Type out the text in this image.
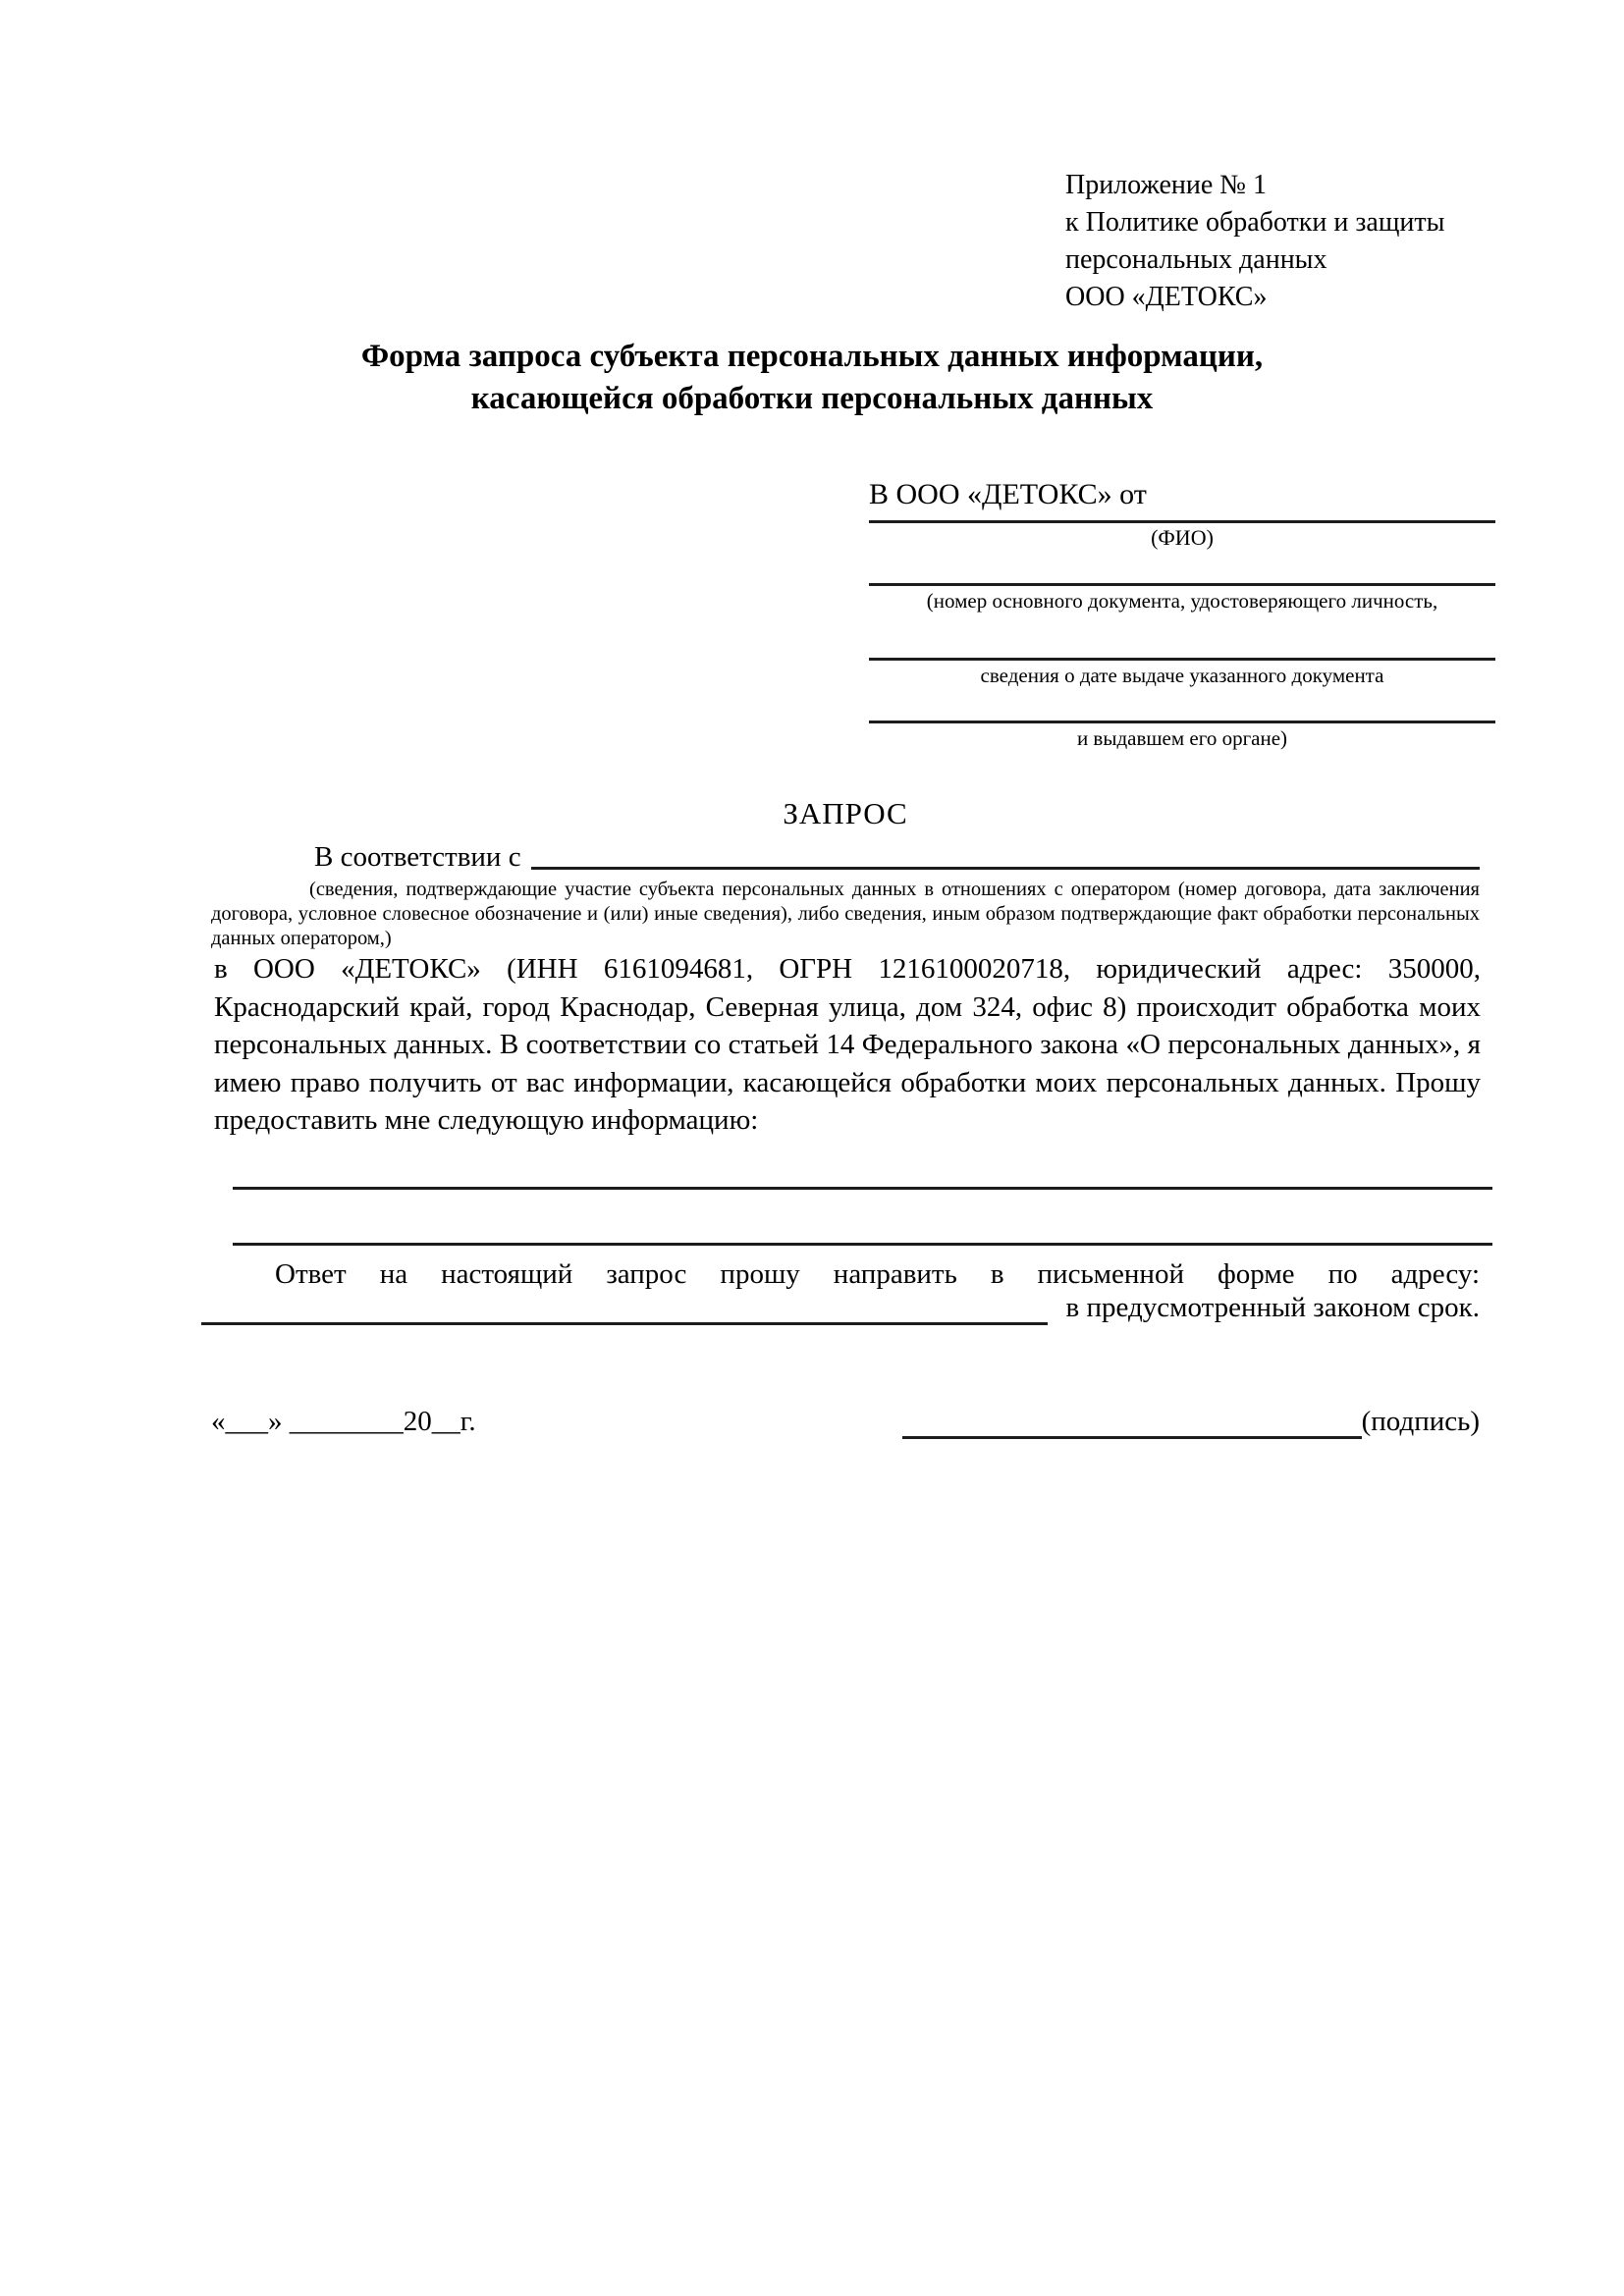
Приложение № 1
к Политике обработки и защиты
персональных данных
ООО «ДЕТОКС»
Форма запроса субъекта персональных данных информации,
касающейся обработки персональных данных
В ООО «ДЕТОКС» от
(ФИО)
(номер основного документа, удостоверяющего личность,
сведения о дате выдаче указанного документа
и выдавшем его органе)
ЗАПРОС
В соответствии с
(сведения, подтверждающие участие субъекта персональных данных в отношениях с оператором (номер договора, дата заключения договора, условное словесное обозначение и (или) иные сведения), либо сведения, иным образом подтверждающие факт обработки персональных данных оператором,)
в ООО «ДЕТОКС» (ИНН 6161094681, ОГРН 1216100020718, юридический адрес: 350000, Краснодарский край, город Краснодар, Северная улица, дом 324, офис 8) происходит обработка моих персональных данных. В соответствии со статьей 14 Федерального закона «О персональных данных», я имею право получить от вас информации, касающейся обработки моих персональных данных. Прошу предоставить мне следующую информацию:
Ответ на настоящий запрос прошу направить в письменной форме по адресу:
в предусмотренный законом срок.
«___» ________20__г.	(подпись)
